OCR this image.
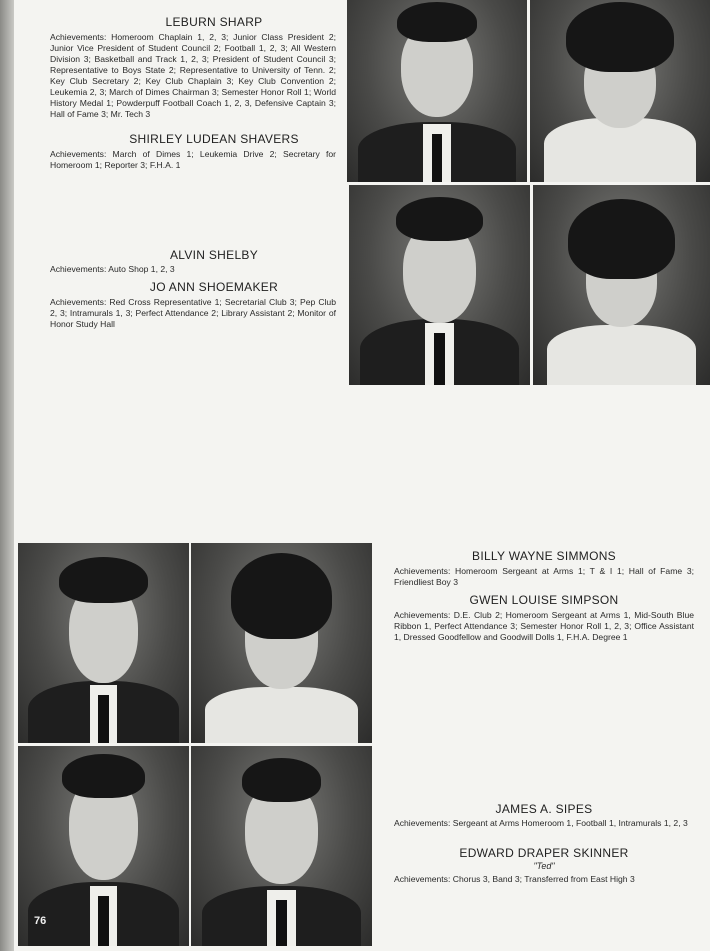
LEBURN SHARP
Achievements: Homeroom Chaplain 1, 2, 3; Junior Class President 2; Junior Vice President of Student Council 2; Football 1, 2, 3; All Western Division 3; Basketball and Track 1, 2, 3; President of Student Council 3; Representative to Boys State 2; Representative to University of Tenn. 2; Key Club Secretary 2; Key Club Chaplain 3; Key Club Convention 2; Leukemia 2, 3; March of Dimes Chairman 3; Semester Honor Roll 1; World History Medal 1; Powderpuff Football Coach 1, 2, 3, Defensive Captain 3; Hall of Fame 3; Mr. Tech 3
SHIRLEY LUDEAN SHAVERS
Achievements: March of Dimes 1; Leukemia Drive 2; Secretary for Homeroom 1; Reporter 3; F.H.A. 1
ALVIN SHELBY
Achievements: Auto Shop 1, 2, 3
JO ANN SHOEMAKER
Achievements: Red Cross Representative 1; Secretarial Club 3; Pep Club 2, 3; Intramurals 1, 3; Perfect Attendance 2; Library Assistant 2; Monitor of Honor Study Hall
76
BILLY WAYNE SIMMONS
Achievements: Homeroom Sergeant at Arms 1; T & I 1; Hall of Fame 3; Friendliest Boy 3
GWEN LOUISE SIMPSON
Achievements: D.E. Club 2; Homeroom Sergeant at Arms 1, Mid-South Blue Ribbon 1, Perfect Attendance 3; Semester Honor Roll 1, 2, 3; Office Assistant 1, Dressed Goodfellow and Goodwill Dolls 1, F.H.A. Degree 1
JAMES A. SIPES
Achievements: Sergeant at Arms Homeroom 1, Football 1, Intramurals 1, 2, 3
EDWARD DRAPER SKINNER
"Ted"
Achievements: Chorus 3, Band 3; Transferred from East High 3
